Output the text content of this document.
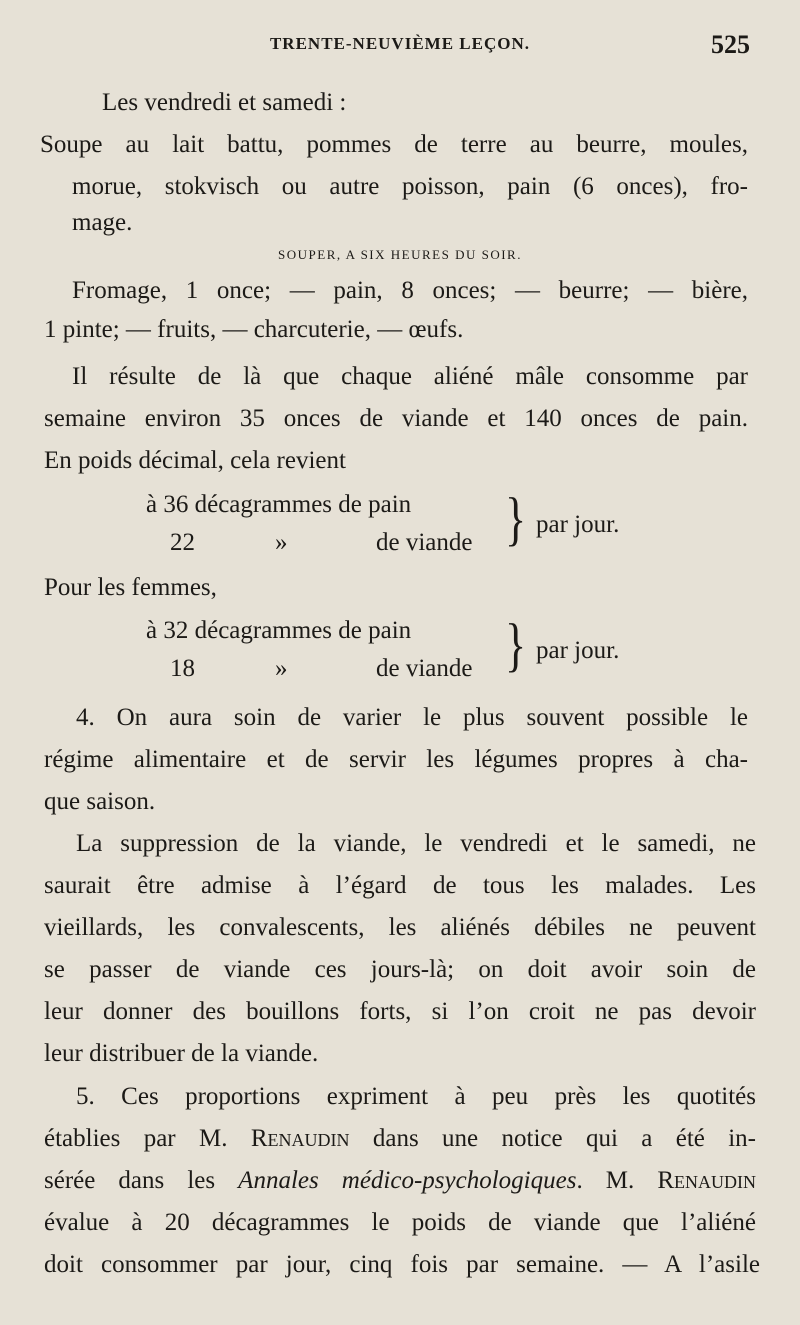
TRENTE-NEUVIÈME LEÇON.	525
Les vendredi et samedi :
Soupe au lait battu, pommes de terre au beurre, moules,
morue, stokvisch ou autre poisson, pain (6 onces), fro-
mage.
SOUPER, A SIX HEURES DU SOIR.
Fromage, 1 once; — pain, 8 onces; — beurre; — bière,
1 pinte; — fruits, — charcuterie, — œufs.
Il résulte de là que chaque aliéné mâle consomme par
semaine environ 35 onces de viande et 140 onces de pain.
En poids décimal, cela revient
à 36 décagrammes de pain
22	»	de viande } par jour.
Pour les femmes,
à 32 décagrammes de pain
18	»	de viande } par jour.
4. On aura soin de varier le plus souvent possible le
régime alimentaire et de servir les légumes propres à cha-
que saison.
La suppression de la viande, le vendredi et le samedi, ne
saurait être admise à l’égard de tous les malades. Les
vieillards, les convalescents, les aliénés débiles ne peuvent
se passer de viande ces jours-là; on doit avoir soin de
leur donner des bouillons forts, si l’on croit ne pas devoir
leur distribuer de la viande.
5. Ces proportions expriment à peu près les quotités
établies par M. Renaudin dans une notice qui a été in-
sérée dans les Annales médico-psychologiques. M. Renaudin
évalue à 20 décagrammes le poids de viande que l’aliéné
doit consommer par jour, cinq fois par semaine. — A l’asile
